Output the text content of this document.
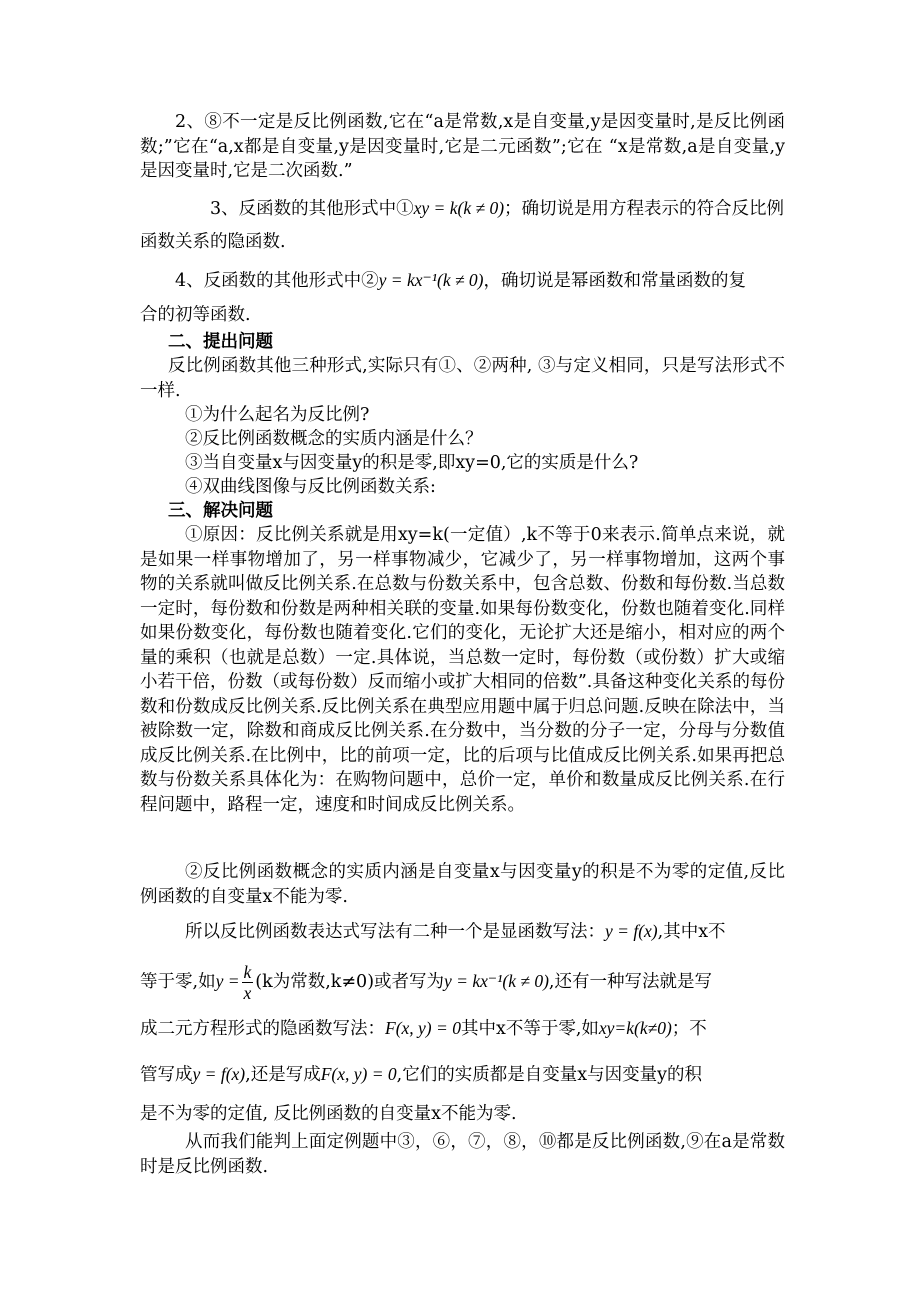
2、⑧不一定是反比例函数,它在“a是常数,x是自变量,y是因变量时,是反比例函数;”它在“a,x都是自变量,y是因变量时,它是二元函数”;它在 “x是常数,a是自变量,y是因变量时,它是二次函数.”

3、反函数的其他形式中①xy = k(k ≠ 0)；确切说是用方程表示的符合反比例

函数关系的隐函数.

4、反函数的其他形式中②y = kx⁻¹(k ≠ 0)，确切说是幂函数和常量函数的复

合的初等函数.

二、提出问题

反比例函数其他三种形式,实际只有①、②两种, ③与定义相同，只是写法形式不一样.

①为什么起名为反比例?

②反比例函数概念的实质内涵是什么？

③当自变量x与因变量y的积是零,即xy=0,它的实质是什么?

④双曲线图像与反比例函数关系:

三、解决问题

①原因：反比例关系就是用xy=k(一定值）,k不等于0来表示.简单点来说，就是如果一样事物增加了，另一样事物减少，它减少了，另一样事物增加，这两个事物的关系就叫做反比例关系.在总数与份数关系中，包含总数、份数和每份数.当总数一定时，每份数和份数是两种相关联的变量.如果每份数变化，份数也随着变化.同样如果份数变化，每份数也随着变化.它们的变化，无论扩大还是缩小，相对应的两个量的乘积（也就是总数）一定.具体说，当总数一定时，每份数（或份数）扩大或缩小若干倍，份数（或每份数）反而缩小或扩大相同的倍数”.具备这种变化关系的每份数和份数成反比例关系.反比例关系在典型应用题中属于归总问题.反映在除法中，当被除数一定，除数和商成反比例关系.在分数中，当分数的分子一定，分母与分数值成反比例关系.在比例中，比的前项一定，比的后项与比值成反比例关系.如果再把总数与份数关系具体化为：在购物问题中，总价一定，单价和数量成反比例关系.在行程问题中，路程一定，速度和时间成反比例关系。

②反比例函数概念的实质内涵是自变量x与因变量y的积是不为零的定值,反比例函数的自变量x不能为零.

所以反比例函数表达式写法有二种一个是显函数写法：y = f(x),其中x不

等于零,如$y = \frac{k}{x} (k$为常数,k≠0)或者写为y = kx⁻¹(k ≠ 0),还有一种写法就是写

成二元方程形式的隐函数写法：F(x, y) = 0其中x不等于零,如xy=k(k≠0)；不

管写成y = f(x),还是写成F(x, y) = 0,它们的实质都是自变量x与因变量y的积

是不为零的定值, 反比例函数的自变量x不能为零.

从而我们能判上面定例题中③，⑥，⑦，⑧，⑩都是反比例函数,⑨在a是常数时是反比例函数.
